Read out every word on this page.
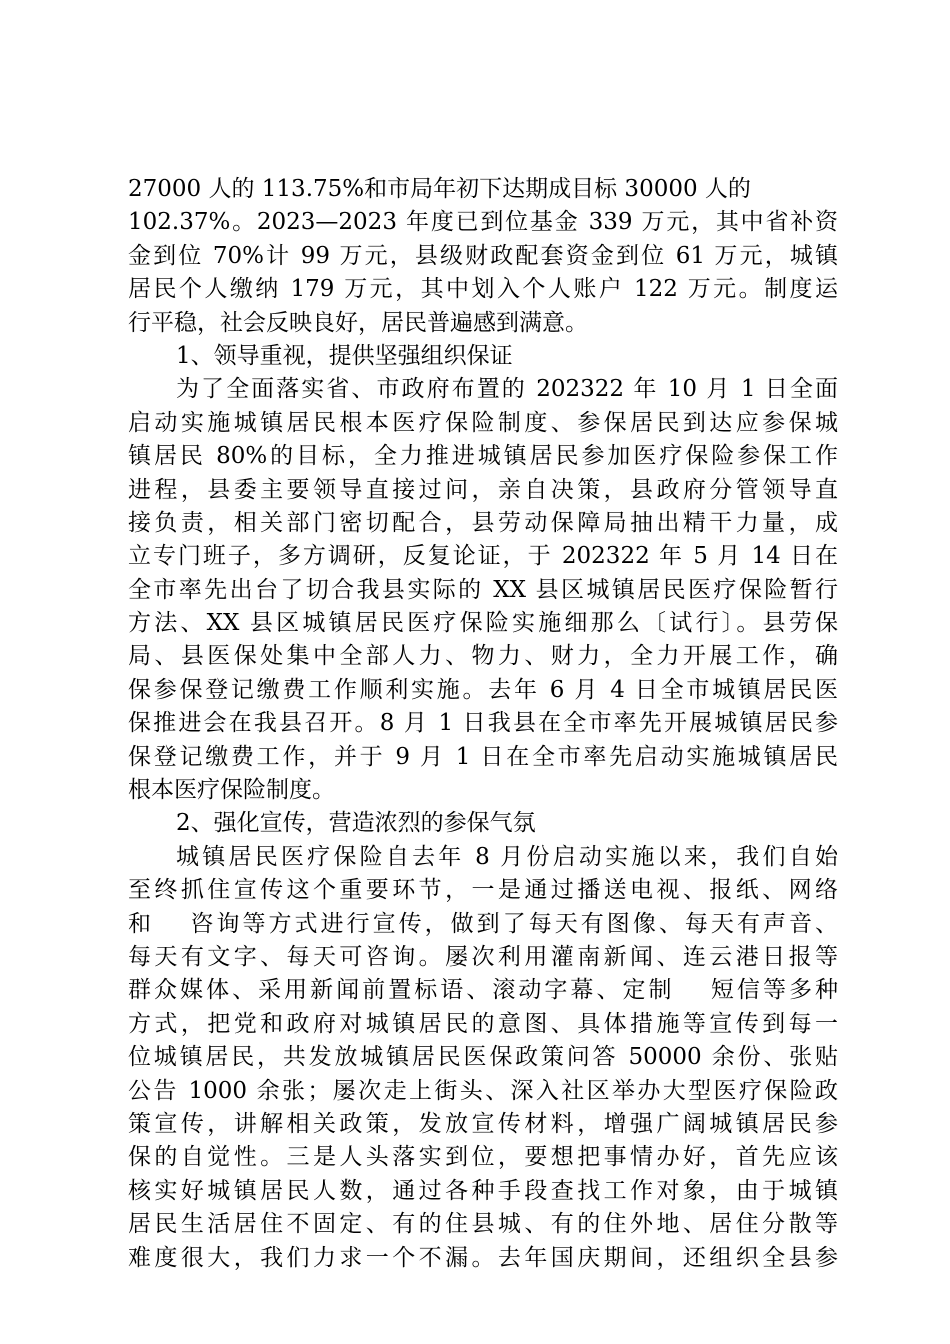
27000 人的 113.75%和市局年初下达期成目标 30000 人的
102.37%。2023—2023 年度已到位基金 339 万元，其中省补资
金到位 70%计 99 万元，县级财政配套资金到位 61 万元，城镇
居民个人缴纳 179 万元，其中划入个人账户 122 万元。制度运
行平稳，社会反映良好，居民普遍感到满意。
1、领导重视，提供坚强组织保证
为了全面落实省、市政府布置的 202322 年 10 月 1 日全面
启动实施城镇居民根本医疗保险制度、参保居民到达应参保城
镇居民 80%的目标，全力推进城镇居民参加医疗保险参保工作
进程，县委主要领导直接过问，亲自决策，县政府分管领导直
接负责，相关部门密切配合，县劳动保障局抽出精干力量，成
立专门班子，多方调研，反复论证，于 202322 年 5 月 14 日在
全市率先出台了切合我县实际的 XX 县区城镇居民医疗保险暂行
方法、XX 县区城镇居民医疗保险实施细那么〔试行〕。县劳保
局、县医保处集中全部人力、物力、财力，全力开展工作，确
保参保登记缴费工作顺利实施。去年 6 月 4 日全市城镇居民医
保推进会在我县召开。8 月 1 日我县在全市率先开展城镇居民参
保登记缴费工作，并于 9 月 1 日在全市率先启动实施城镇居民
根本医疗保险制度。
2、强化宣传，营造浓烈的参保气氛
城镇居民医疗保险自去年 8 月份启动实施以来，我们自始
至终抓住宣传这个重要环节，一是通过播送电视、报纸、网络
和　 咨询等方式进行宣传，做到了每天有图像、每天有声音、
每天有文字、每天可咨询。屡次利用灌南新闻、连云港日报等
群众媒体、采用新闻前置标语、滚动字幕、定制　 短信等多种
方式，把党和政府对城镇居民的意图、具体措施等宣传到每一
位城镇居民，共发放城镇居民医保政策问答 50000 余份、张贴
公告 1000 余张；屡次走上街头、深入社区举办大型医疗保险政
策宣传，讲解相关政策，发放宣传材料，增强广阔城镇居民参
保的自觉性。三是人头落实到位，要想把事情办好，首先应该
核实好城镇居民人数，通过各种手段查找工作对象，由于城镇
居民生活居住不固定、有的住县城、有的住外地、居住分散等
难度很大，我们力求一个不漏。去年国庆期间，还组织全县参
